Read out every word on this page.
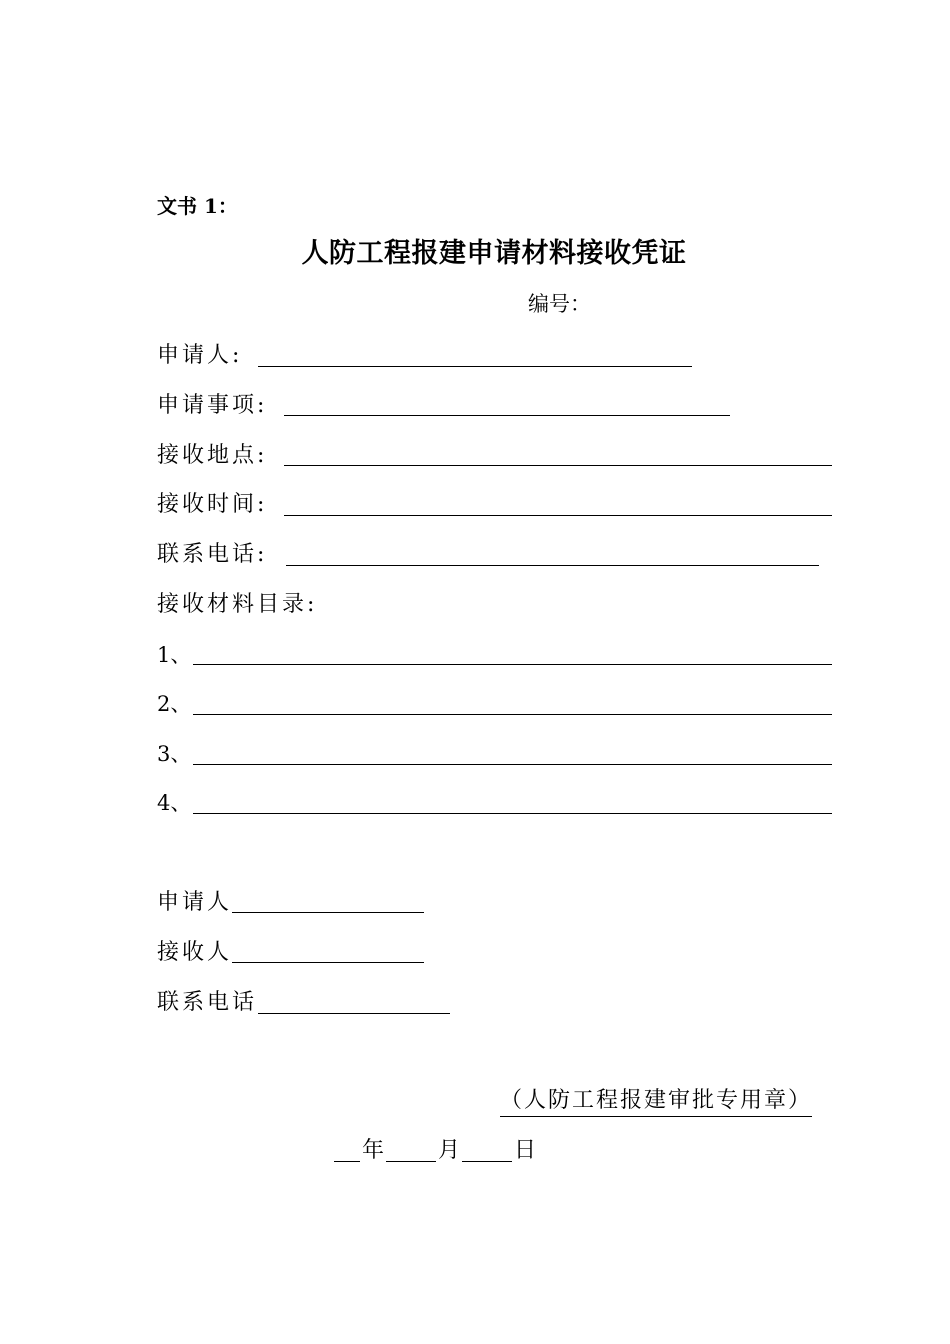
文书 1：
人防工程报建申请材料接收凭证
编号：
申请人:
申请事项:
接收地点:
接收时间:
联系电话:
接收材料目录:
1、
2、
3、
4、
申请人
接收人
联系电话
（人防工程报建审批专用章）
年 月 日
